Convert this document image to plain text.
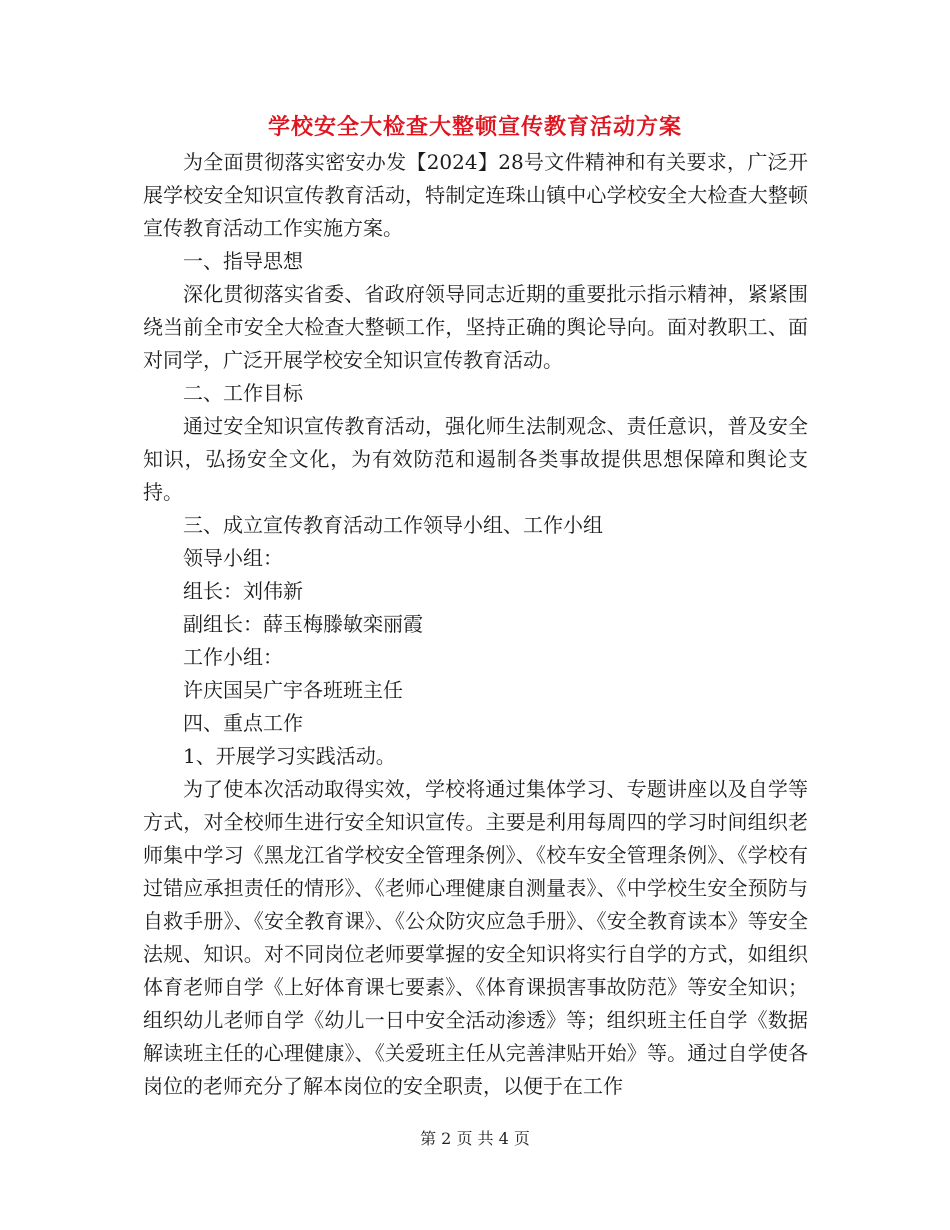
学校安全大检查大整顿宣传教育活动方案

为全面贯彻落实密安办发【2024】28号文件精神和有关要求，广泛开展学校安全知识宣传教育活动，特制定连珠山镇中心学校安全大检查大整顿宣传教育活动工作实施方案。

一、指导思想

深化贯彻落实省委、省政府领导同志近期的重要批示指示精神，紧紧围绕当前全市安全大检查大整顿工作，坚持正确的舆论导向。面对教职工、面对同学，广泛开展学校安全知识宣传教育活动。

二、工作目标

通过安全知识宣传教育活动，强化师生法制观念、责任意识，普及安全知识，弘扬安全文化，为有效防范和遏制各类事故提供思想保障和舆论支持。

三、成立宣传教育活动工作领导小组、工作小组

领导小组：

组长：刘伟新

副组长：薛玉梅滕敏栾丽霞

工作小组：

许庆国吴广宇各班班主任

四、重点工作

1、开展学习实践活动。

为了使本次活动取得实效，学校将通过集体学习、专题讲座以及自学等方式，对全校师生进行安全知识宣传。主要是利用每周四的学习时间组织老师集中学习《黑龙江省学校安全管理条例》、《校车安全管理条例》、《学校有过错应承担责任的情形》、《老师心理健康自测量表》、《中学校生安全预防与自救手册》、《安全教育课》、《公众防灾应急手册》、《安全教育读本》等安全法规、知识。对不同岗位老师要掌握的安全知识将实行自学的方式，如组织体育老师自学《上好体育课七要素》、《体育课损害事故防范》等安全知识；组织幼儿老师自学《幼儿一日中安全活动渗透》等；组织班主任自学《数据解读班主任的心理健康》、《关爱班主任从完善津贴开始》等。通过自学使各岗位的老师充分了解本岗位的安全职责，以便于在工作

第 2 页 共 4 页
